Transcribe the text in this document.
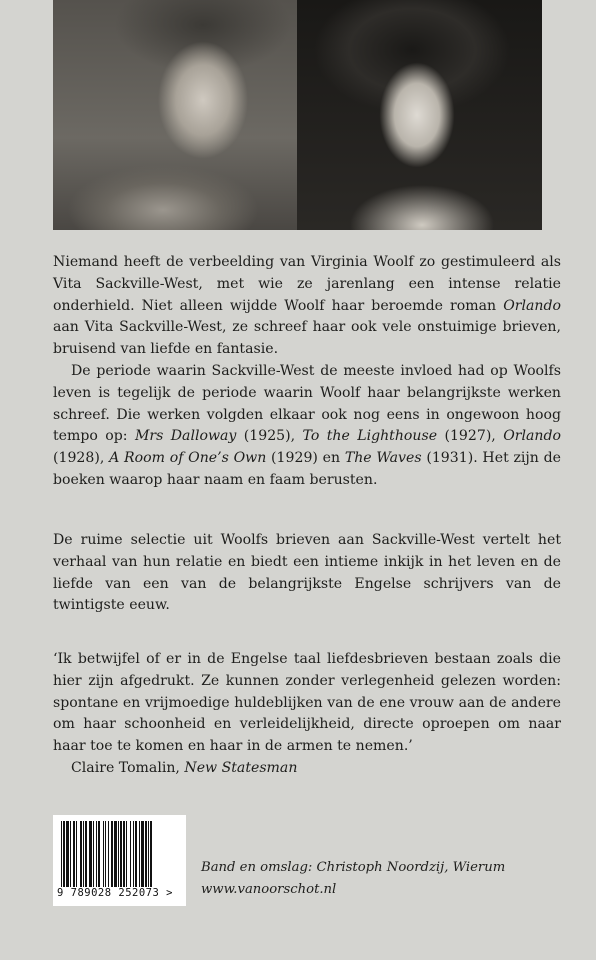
Niemand heeft de verbeelding van Virginia Woolf zo gestimuleerd als Vita Sackville-West, met wie ze jarenlang een intense relatie onderhield. Niet alleen wijdde Woolf haar beroemde roman Orlando aan Vita Sackville-West, ze schreef haar ook vele onstuimige brieven, bruisend van liefde en fantasie.

De periode waarin Sackville-West de meeste invloed had op Woolfs leven is tegelijk de periode waarin Woolf haar belangrijkste werken schreef. Die werken volgden elkaar ook nog eens in ongewoon hoog tempo op: Mrs Dalloway (1925), To the Lighthouse (1927), Orlando (1928), A Room of One’s Own (1929) en The Waves (1931). Het zijn de boeken waarop haar naam en faam berusten.

De ruime selectie uit Woolfs brieven aan Sackville-West vertelt het verhaal van hun relatie en biedt een intieme inkijk in het leven en de liefde van een van de belangrijkste Engelse schrijvers van de twintigste eeuw.

‘Ik betwijfel of er in de Engelse taal liefdesbrieven bestaan zoals die hier zijn afgedrukt. Ze kunnen zonder verlegenheid gelezen worden: spontane en vrijmoedige huldeblijken van de ene vrouw aan de andere om haar schoonheid en verleidelijkheid, directe oproepen om naar haar toe te komen en haar in de armen te nemen.’

Claire Tomalin, New Statesman

9 789028 252073 >
Band en omslag: Christoph Noordzij, Wierum
www.vanoorschot.nl
